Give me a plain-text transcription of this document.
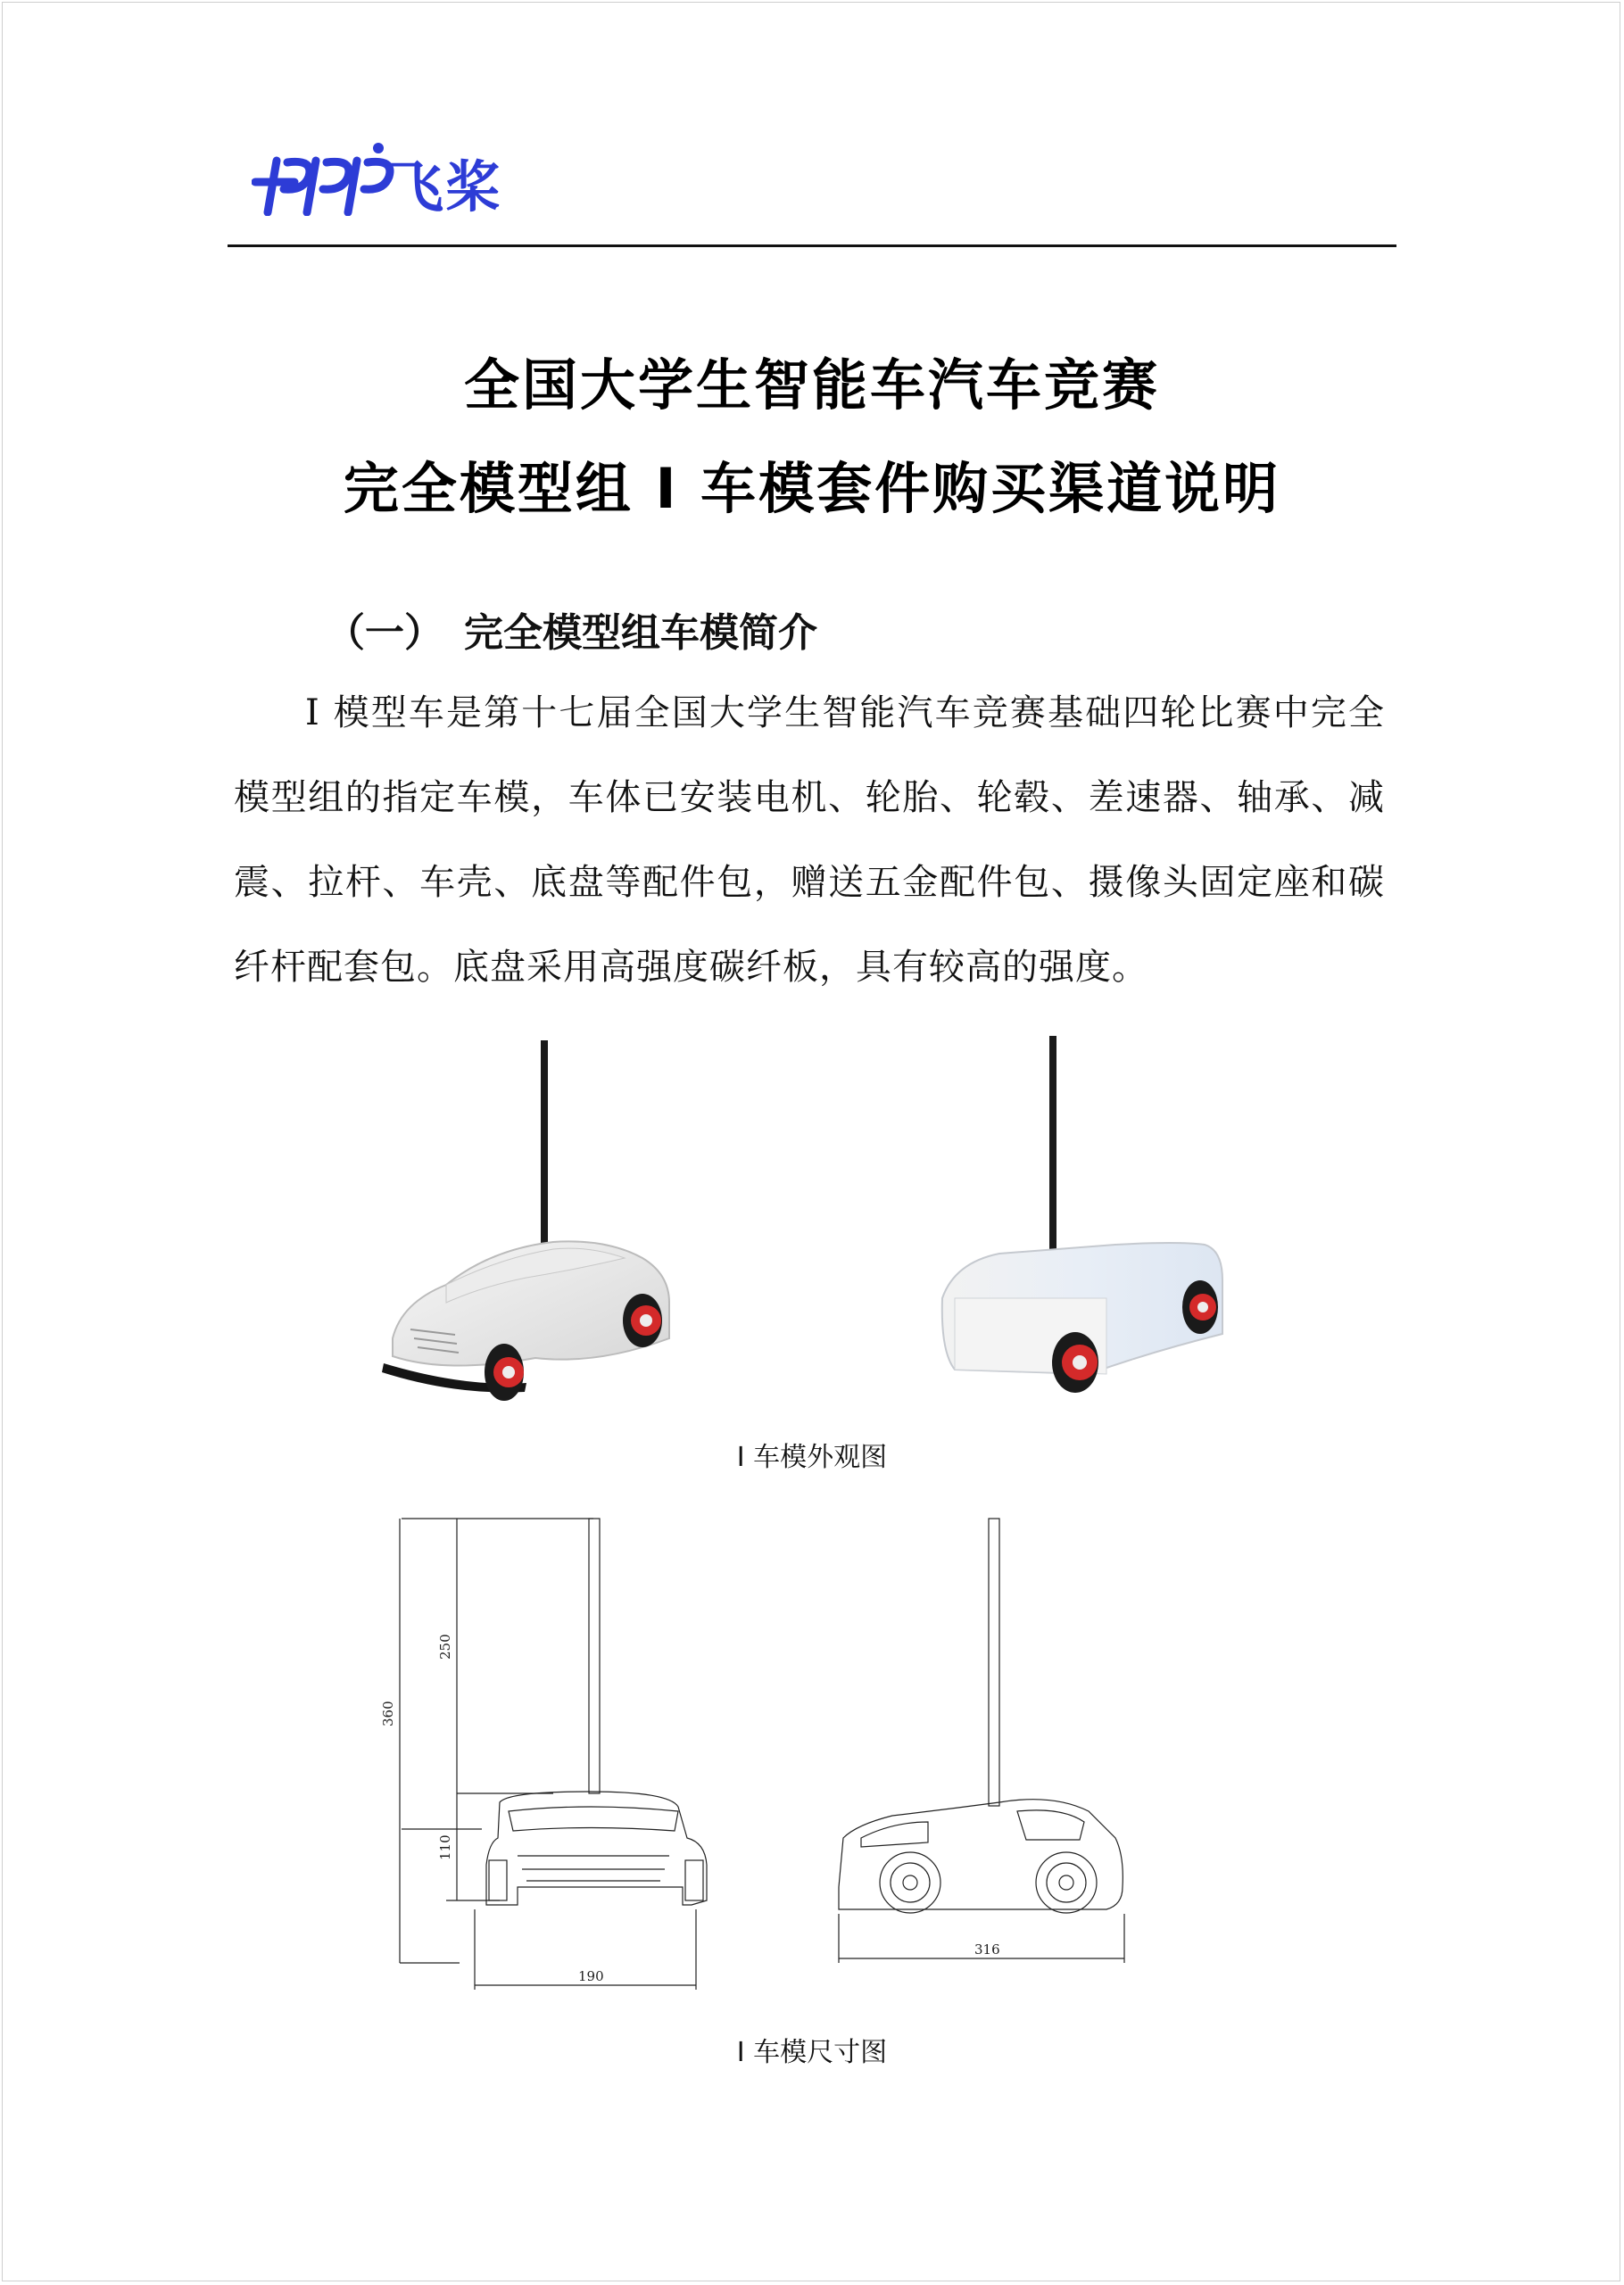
飞桨
全国大学生智能车汽车竞赛
完全模型组 I 车模套件购买渠道说明
（一） 完全模型组车模简介
I 模型车是第十七届全国大学生智能汽车竞赛基础四轮比赛中完全模型组的指定车模，车体已安装电机、轮胎、轮毂、差速器、轴承、减震、拉杆、车壳、底盘等配件包，赠送五金配件包、摄像头固定座和碳纤杆配套包。底盘采用高强度碳纤板，具有较高的强度。
I 车模外观图
360
250
110
190
316
I 车模尺寸图
